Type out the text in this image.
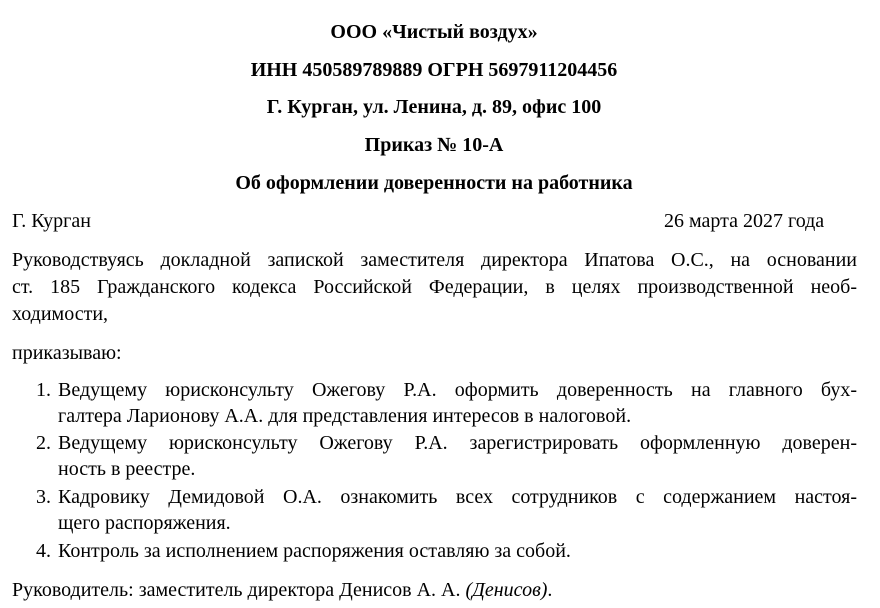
ООО «Чистый воздух»
ИНН 450589789889 ОГРН 5697911204456
Г. Курган, ул. Ленина, д. 89, офис 100
Приказ № 10-А
Об оформлении доверенности на работника
Г. Курган	26 марта 2027 года
Руководствуясь докладной запиской заместителя директора Ипатова О.С., на основании
ст. 185 Гражданского кодекса Российской Федерации, в целях производственной необ-
ходимости,
приказываю:
1. Ведущему юрисконсульту Ожегову Р.А. оформить доверенность на главного бух-
галтера Ларионову А.А. для представления интересов в налоговой.
2. Ведущему юрисконсульту Ожегову Р.А. зарегистрировать оформленную доверен-
ность в реестре.
3. Кадровику Демидовой О.А. ознакомить всех сотрудников с содержанием настоя-
щего распоряжения.
4. Контроль за исполнением распоряжения оставляю за собой.
Руководитель: заместитель директора Денисов А. А. (Денисов).
